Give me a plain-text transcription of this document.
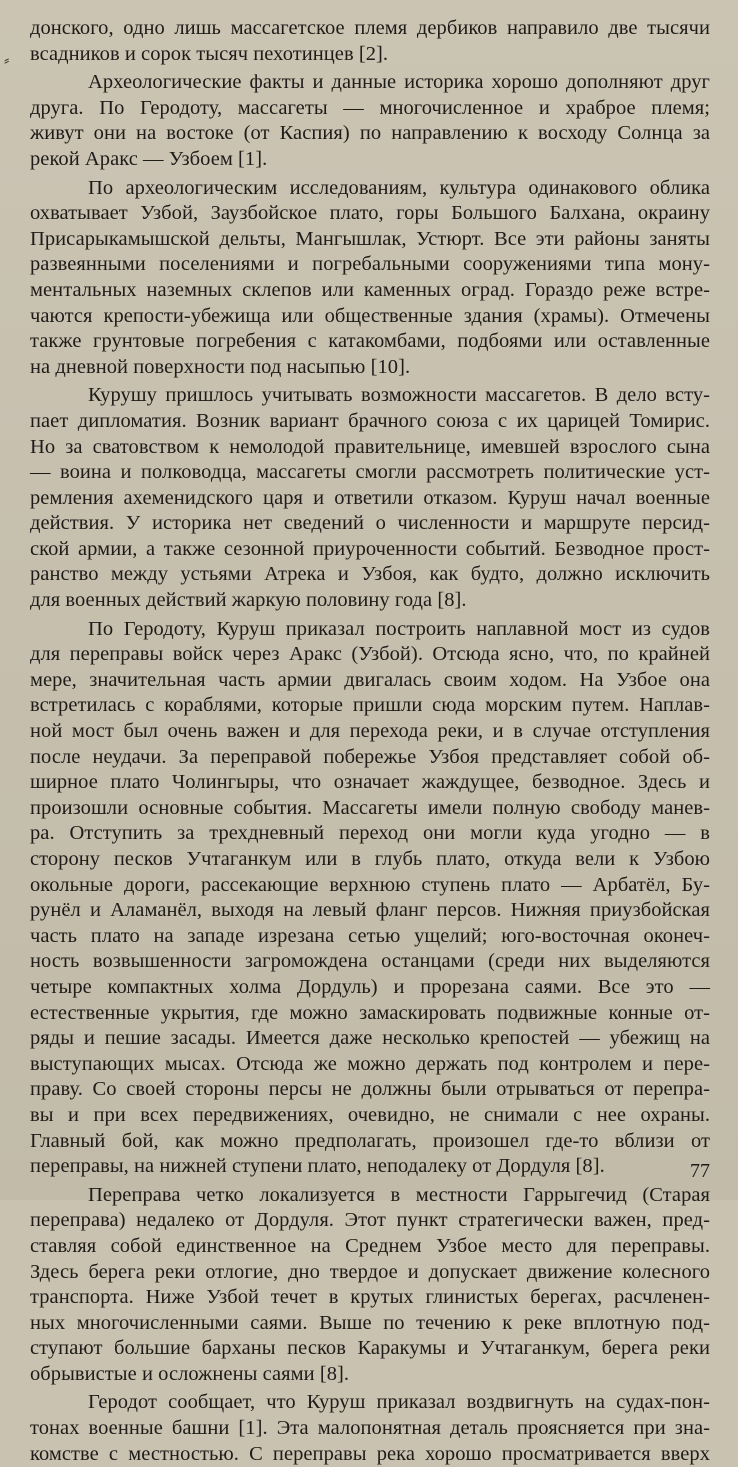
⸗
донского, одно лишь массагетское племя дербиков направило две тысячи
всадников и сорок тысяч пехотинцев [2].
Археологические факты и данные историка хорошо дополняют друг
друга. По Геродоту, массагеты — многочисленное и храброе племя;
живут они на востоке (от Каспия) по направлению к восходу Солнца за
рекой Аракс — Узбоем [1].
По археологическим исследованиям, культура одинакового облика
охватывает Узбой, Заузбойское плато, горы Большого Балхана, окраину
Присарыкамышской дельты, Мангышлак, Устюрт. Все эти районы заняты
развеянными поселениями и погребальными сооружениями типа мону-
ментальных наземных склепов или каменных оград. Гораздо реже встре-
чаются крепости-убежища или общественные здания (храмы). Отмечены
также грунтовые погребения с катакомбами, подбоями или оставленные
на дневной поверхности под насыпью [10].
Курушу пришлось учитывать возможности массагетов. В дело всту-
пает дипломатия. Возник вариант брачного союза с их царицей Томирис.
Но за сватовством к немолодой правительнице, имевшей взрослого сына
— воина и полководца, массагеты смогли рассмотреть политические уст-
ремления ахеменидского царя и ответили отказом. Куруш начал военные
действия. У историка нет сведений о численности и маршруте персид-
ской армии, а также сезонной приуроченности событий. Безводное прост-
ранство между устьями Атрека и Узбоя, как будто, должно исключить
для военных действий жаркую половину года [8].
По Геродоту, Куруш приказал построить наплавной мост из судов
для переправы войск через Аракс (Узбой). Отсюда ясно, что, по крайней
мере, значительная часть армии двигалась своим ходом. На Узбое она
встретилась с кораблями, которые пришли сюда морским путем. Наплав-
ной мост был очень важен и для перехода реки, и в случае отступления
после неудачи. За переправой побережье Узбоя представляет собой об-
ширное плато Чолингыры, что означает жаждущее, безводное. Здесь и
произошли основные события. Массагеты имели полную свободу манев-
ра. Отступить за трехдневный переход они могли куда угодно — в
сторону песков Учтаганкум или в глубь плато, откуда вели к Узбою
окольные дороги, рассекающие верхнюю ступень плато — Арбатёл, Бу-
рунёл и Аламанёл, выходя на левый фланг персов. Нижняя приузбойская
часть плато на западе изрезана сетью ущелий; юго-восточная оконеч-
ность возвышенности загромождена останцами (среди них выделяются
четыре компактных холма Дордуль) и прорезана саями. Все это —
естественные укрытия, где можно замаскировать подвижные конные от-
ряды и пешие засады. Имеется даже несколько крепостей — убежищ на
выступающих мысах. Отсюда же можно держать под контролем и пере-
праву. Со своей стороны персы не должны были отрываться от перепра-
вы и при всех передвижениях, очевидно, не снимали с нее охраны.
Главный бой, как можно предполагать, произошел где-то вблизи от
переправы, на нижней ступени плато, неподалеку от Дордуля [8].
Переправа четко локализуется в местности Гаррыгечид (Старая
переправа) недалеко от Дордуля. Этот пункт стратегически важен, пред-
ставляя собой единственное на Среднем Узбое место для переправы.
Здесь берега реки отлогие, дно твердое и допускает движение колесного
транспорта. Ниже Узбой течет в крутых глинистых берегах, расчленен-
ных многочисленными саями. Выше по течению к реке вплотную под-
ступают большие барханы песков Каракумы и Учтаганкум, берега реки
обрывистые и осложнены саями [8].
Геродот сообщает, что Куруш приказал воздвигнуть на судах-пон-
тонах военные башни [1]. Эта малопонятная деталь проясняется при зна-
комстве с местностью. С переправы река хорошо просматривается вверх
77
